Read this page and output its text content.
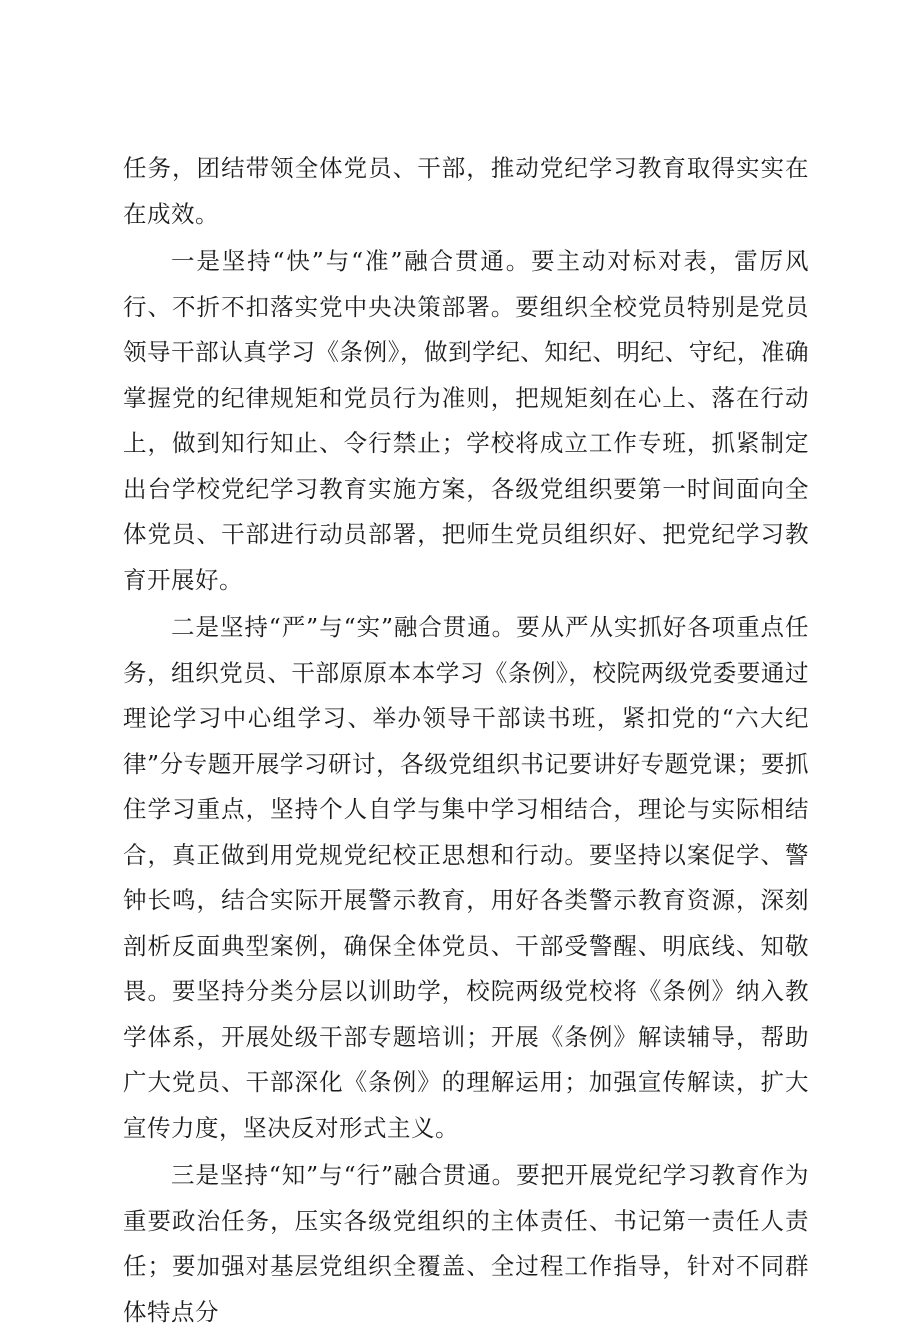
任务，团结带领全体党员、干部，推动党纪学习教育取得实实在在成效。

一是坚持“快”与“准”融合贯通。要主动对标对表，雷厉风行、不折不扣落实党中央决策部署。要组织全校党员特别是党员领导干部认真学习《条例》，做到学纪、知纪、明纪、守纪，准确掌握党的纪律规矩和党员行为准则，把规矩刻在心上、落在行动上，做到知行知止、令行禁止；学校将成立工作专班，抓紧制定出台学校党纪学习教育实施方案，各级党组织要第一时间面向全体党员、干部进行动员部署，把师生党员组织好、把党纪学习教育开展好。

二是坚持“严”与“实”融合贯通。要从严从实抓好各项重点任务，组织党员、干部原原本本学习《条例》，校院两级党委要通过理论学习中心组学习、举办领导干部读书班，紧扣党的“六大纪律”分专题开展学习研讨，各级党组织书记要讲好专题党课；要抓住学习重点，坚持个人自学与集中学习相结合，理论与实际相结合，真正做到用党规党纪校正思想和行动。要坚持以案促学、警钟长鸣，结合实际开展警示教育，用好各类警示教育资源，深刻剖析反面典型案例，确保全体党员、干部受警醒、明底线、知敬畏。要坚持分类分层以训助学，校院两级党校将《条例》纳入教学体系，开展处级干部专题培训；开展《条例》解读辅导，帮助广大党员、干部深化《条例》的理解运用；加强宣传解读，扩大宣传力度，坚决反对形式主义。

三是坚持“知”与“行”融合贯通。要把开展党纪学习教育作为重要政治任务，压实各级党组织的主体责任、书记第一责任人责任；要加强对基层党组织全覆盖、全过程工作指导，针对不同群体特点分
